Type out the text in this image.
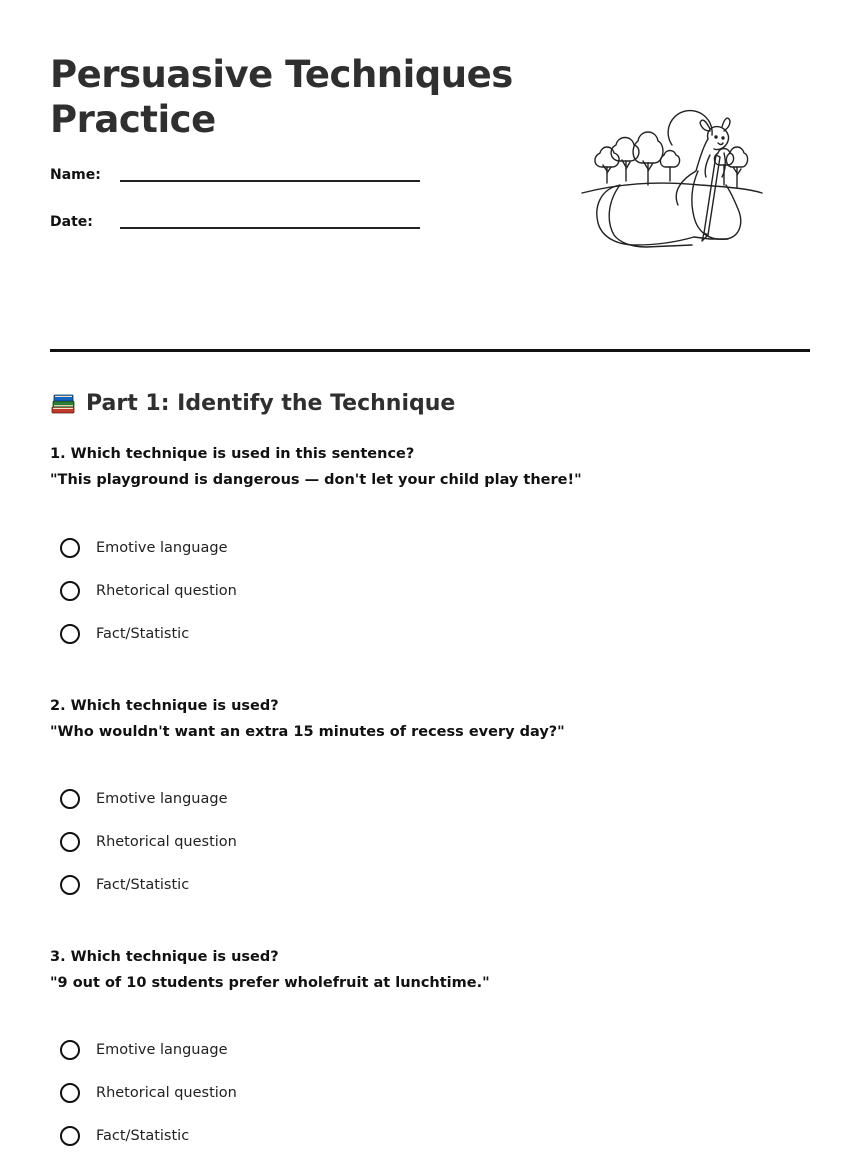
Persuasive Techniques
Practice
Name:
Date:
Part 1: Identify the Technique

1. Which technique is used in this sentence?

"This playground is dangerous — don't let your child play there!"

Emotive language
Rhetorical question
Fact/Statistic

2. Which technique is used?

"Who wouldn't want an extra 15 minutes of recess every day?"

Emotive language
Rhetorical question
Fact/Statistic

3. Which technique is used?

"9 out of 10 students prefer wholefruit at lunchtime."

Emotive language
Rhetorical question
Fact/Statistic
